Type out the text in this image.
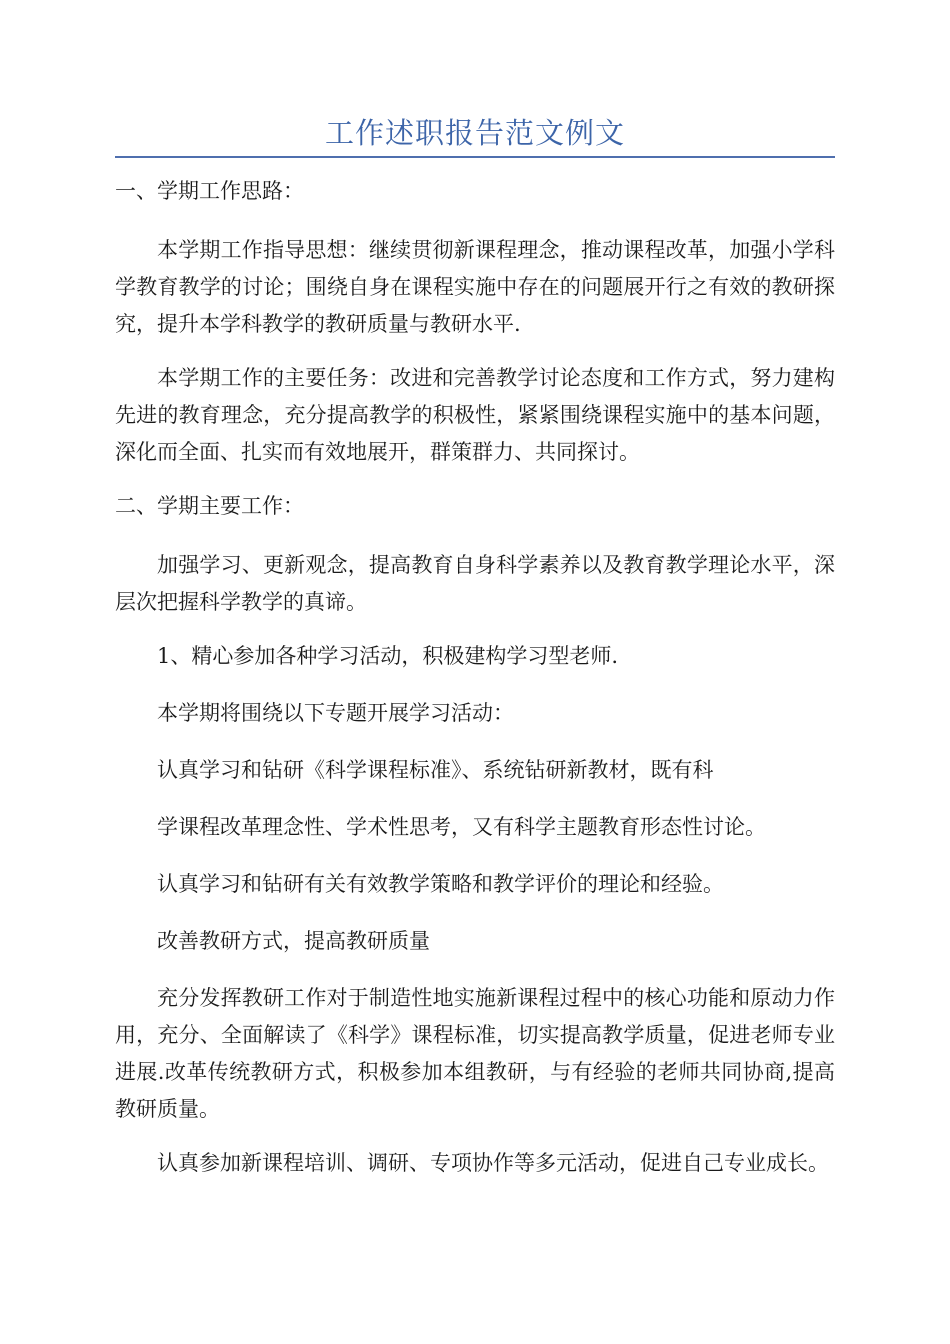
工作述职报告范文例文
一、学期工作思路：

本学期工作指导思想：继续贯彻新课程理念，推动课程改革，加强小学科学教育教学的讨论；围绕自身在课程实施中存在的问题展开行之有效的教研探究，提升本学科教学的教研质量与教研水平.

本学期工作的主要任务：改进和完善教学讨论态度和工作方式，努力建构先进的教育理念，充分提高教学的积极性，紧紧围绕课程实施中的基本问题，深化而全面、扎实而有效地展开，群策群力、共同探讨。

二、学期主要工作：

加强学习、更新观念，提高教育自身科学素养以及教育教学理论水平，深层次把握科学教学的真谛。

1、精心参加各种学习活动，积极建构学习型老师.

本学期将围绕以下专题开展学习活动：

认真学习和钻研《科学课程标准》、系统钻研新教材，既有科

学课程改革理念性、学术性思考，又有科学主题教育形态性讨论。

认真学习和钻研有关有效教学策略和教学评价的理论和经验。

改善教研方式，提高教研质量

充分发挥教研工作对于制造性地实施新课程过程中的核心功能和原动力作用，充分、全面解读了《科学》课程标准，切实提高教学质量，促进老师专业进展.改革传统教研方式，积极参加本组教研，与有经验的老师共同协商,提高教研质量。

认真参加新课程培训、调研、专项协作等多元活动，促进自己专业成长。
